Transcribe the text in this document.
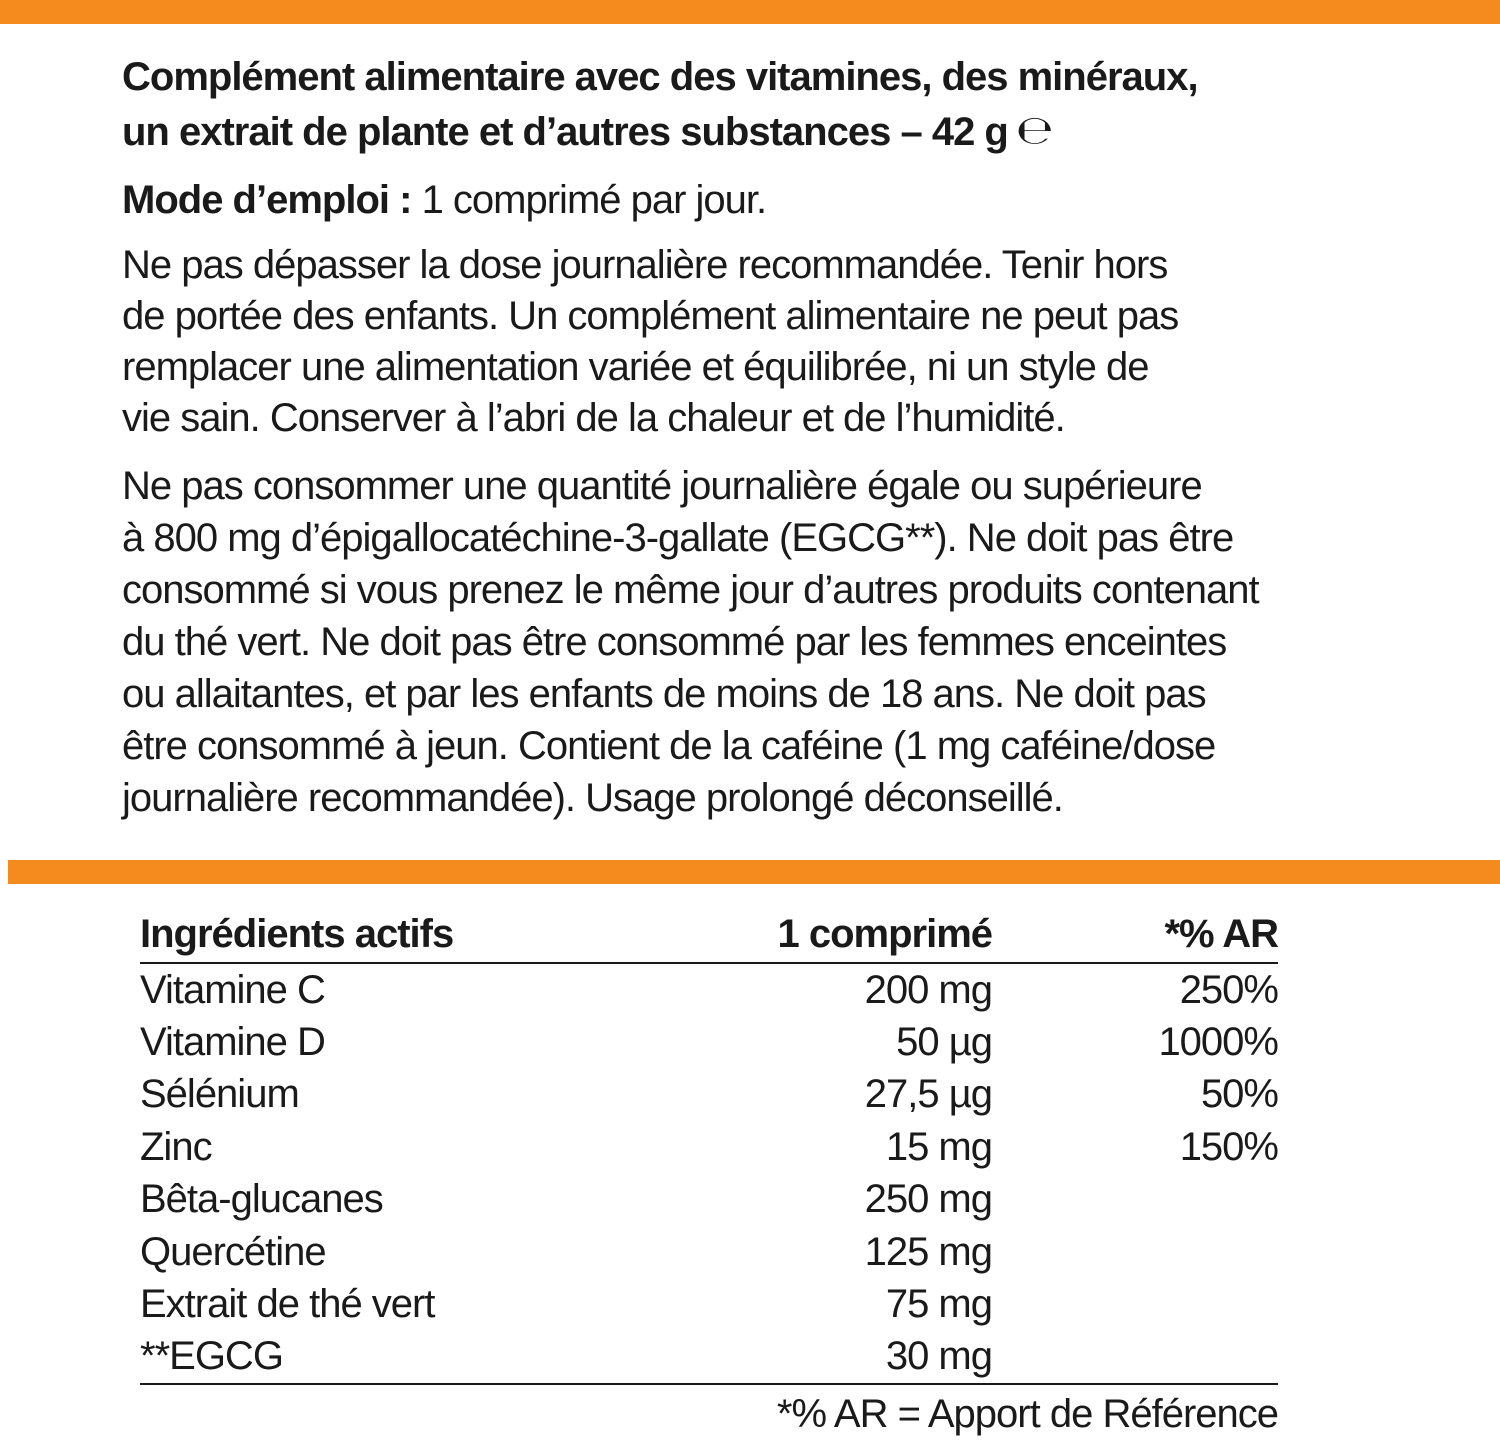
Complément alimentaire avec des vitamines, des minéraux,
un extrait de plante et d’autres substances – 42 g ℮
Mode d’emploi : 1 comprimé par jour.
Ne pas dépasser la dose journalière recommandée. Tenir hors
de portée des enfants. Un complément alimentaire ne peut pas
remplacer une alimentation variée et équilibrée, ni un style de
vie sain. Conserver à l’abri de la chaleur et de l’humidité.
Ne pas consommer une quantité journalière égale ou supérieure
à 800 mg d’épigallocatéchine-3-gallate (EGCG**). Ne doit pas être
consommé si vous prenez le même jour d’autres produits contenant
du thé vert. Ne doit pas être consommé par les femmes enceintes
ou allaitantes, et par les enfants de moins de 18 ans. Ne doit pas
être consommé à jeun. Contient de la caféine (1 mg caféine/dose
journalière recommandée). Usage prolongé déconseillé.
Ingrédients actifs	1 comprimé	*% AR
Vitamine C	200 mg	250%
Vitamine D	50 µg	1000%
Sélénium	27,5 µg	50%
Zinc	15 mg	150%
Bêta-glucanes	250 mg	
Quercétine	125 mg	
Extrait de thé vert	75 mg	
**EGCG	30 mg	
*% AR = Apport de Référence
